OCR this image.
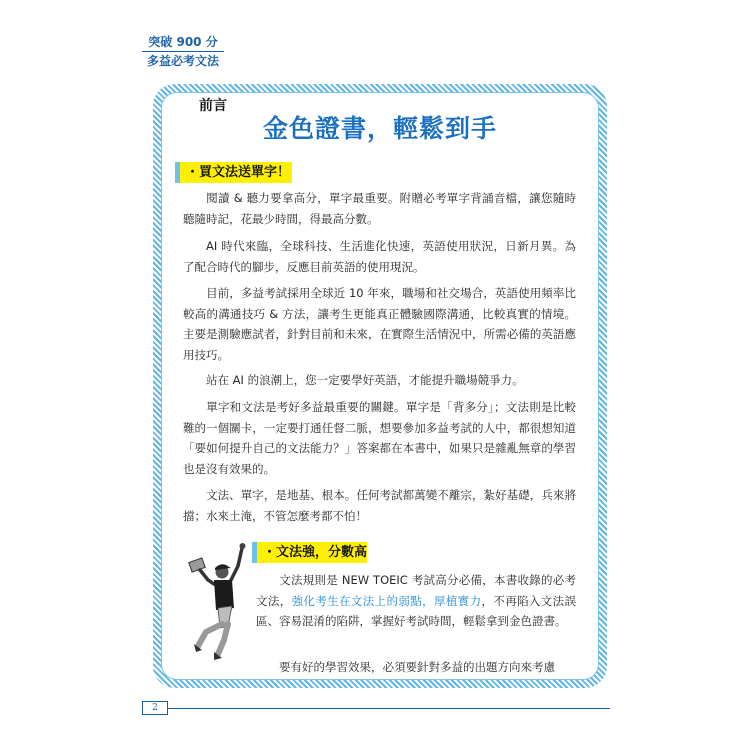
突破 900 分
多益必考文法
前言
金色證書，輕鬆到手
・買文法送單字！
閱讀 & 聽力要拿高分，單字最重要。附贈必考單字背誦音檔，讓您隨時聽隨時記，花最少時間，得最高分數。
AI 時代來臨，全球科技、生活進化快速，英語使用狀況，日新月異。為了配合時代的腳步，反應目前英語的使用現況。
目前，多益考試採用全球近 10 年來，職場和社交場合，英語使用頻率比較高的溝通技巧 & 方法，讓考生更能真正體驗國際溝通，比較真實的情境。主要是測驗應試者，針對目前和未來，在實際生活情況中，所需必備的英語應用技巧。
站在 AI 的浪潮上，您一定要學好英語，才能提升職場競爭力。
單字和文法是考好多益最重要的關鍵。單字是「背多分」；文法則是比較難的一個關卡，一定要打通任督二脈，想要參加多益考試的人中，都很想知道「要如何提升自己的文法能力？」答案都在本書中，如果只是雜亂無章的學習也是沒有效果的。
文法、單字，是地基、根本。任何考試都萬變不離宗，紮好基礎，兵來將擋；水來土淹，不管怎麼考都不怕！
・文法強，分數高
文法規則是 NEW TOEIC 考試高分必備，本書收錄的必考文法，強化考生在文法上的弱點，厚植實力，不再陷入文法誤區、容易混淆的陷阱，掌握好考試時間，輕鬆拿到金色證書。
要有好的學習效果，必須要針對多益的出題方向來考慮
2
